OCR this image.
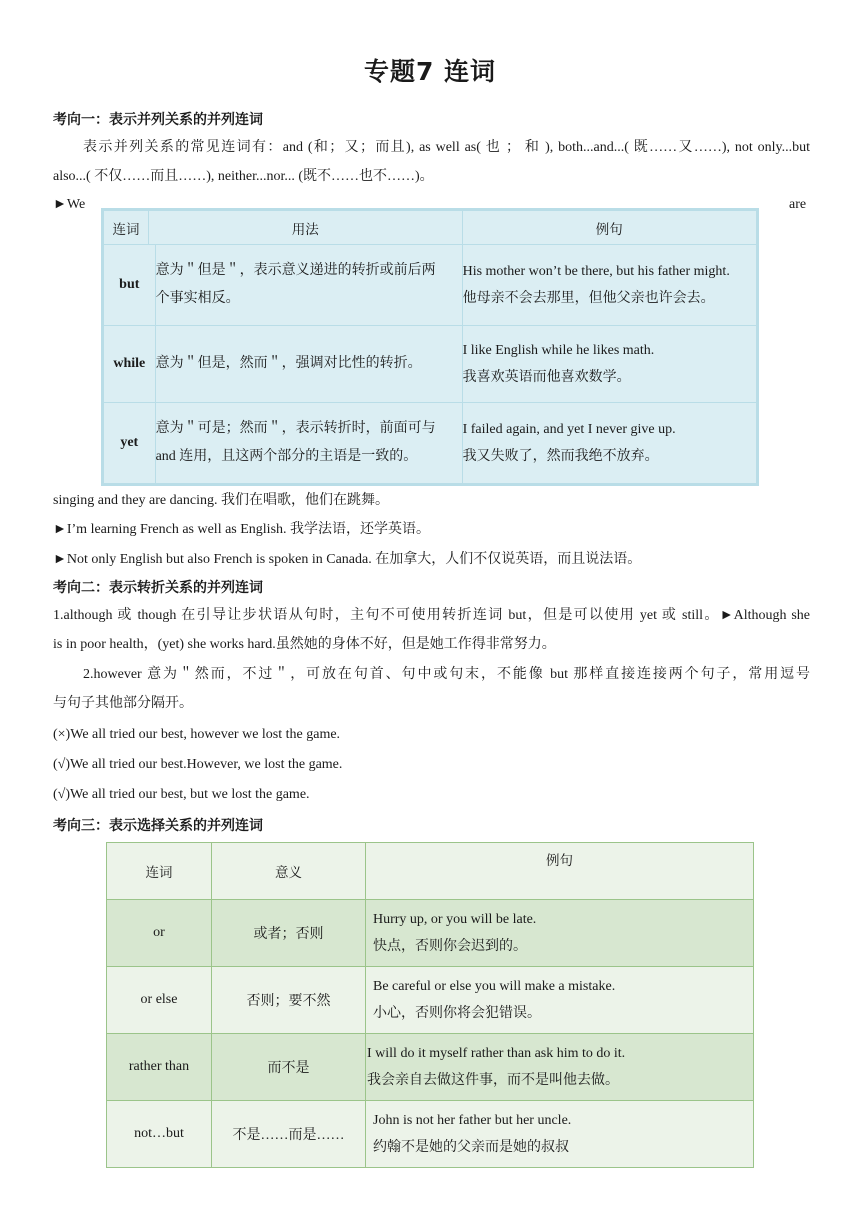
专题7 连词
考向一：表示并列关系的并列连词
表示并列关系的常见连词有：and (和；又；而且), as well as( 也 ； 和 ), both...and...( 既……又……), not only...but
also...( 不仅……而且……), neither...nor... (既不……也不……)。
►We	are
连词	用法		例句
but		意为＂但是＂，表示意义递进的转折或前后两
个事实相反。	His mother won’t be there, but his father might.
他母亲不会去那里，但他父亲也许会去。

while		意为＂但是，然而＂，强调对比性的转折。	I like English while he likes math.
我喜欢英语而他喜欢数学。

yet		意为＂可是；然而＂，表示转折时，前面可与
and 连用，且这两个部分的主语是一致的。	I failed again, and yet I never give up.
我又失败了，然而我绝不放弃。
singing and they are dancing. 我们在唱歌，他们在跳舞。
►I’m learning French as well as English. 我学法语，还学英语。
►Not only English but also French is spoken in Canada. 在加拿大，人们不仅说英语，而且说法语。
考向二：表示转折关系的并列连词
1.although 或 though 在引导让步状语从句时，主句不可使用转折连词 but，但是可以使用 yet 或 still。►Although she
is in poor health，(yet) she works hard.虽然她的身体不好，但是她工作得非常努力。
2.however 意为＂然而，不过＂，可放在句首、句中或句末，不能像 but 那样直接连接两个句子，常用逗号
与句子其他部分隔开。
(×)We all tried our best, however we lost the game.
(√)We all tried our best.However, we lost the game.
(√)We all tried our best, but we lost the game.
考向三：表示选择关系的并列连词
连词	意义	例句
or	或者；否则	Hurry up, or you will be late.
快点，否则你会迟到的。

or else	否则；要不然	Be careful or else you will make a mistake.
小心，否则你将会犯错误。

rather than	而不是	I will do it myself rather than ask him to do it.
我会亲自去做这件事，而不是叫他去做。

not…but	不是……而是……	John is not her father but her uncle.
约翰不是她的父亲而是她的叔叔
